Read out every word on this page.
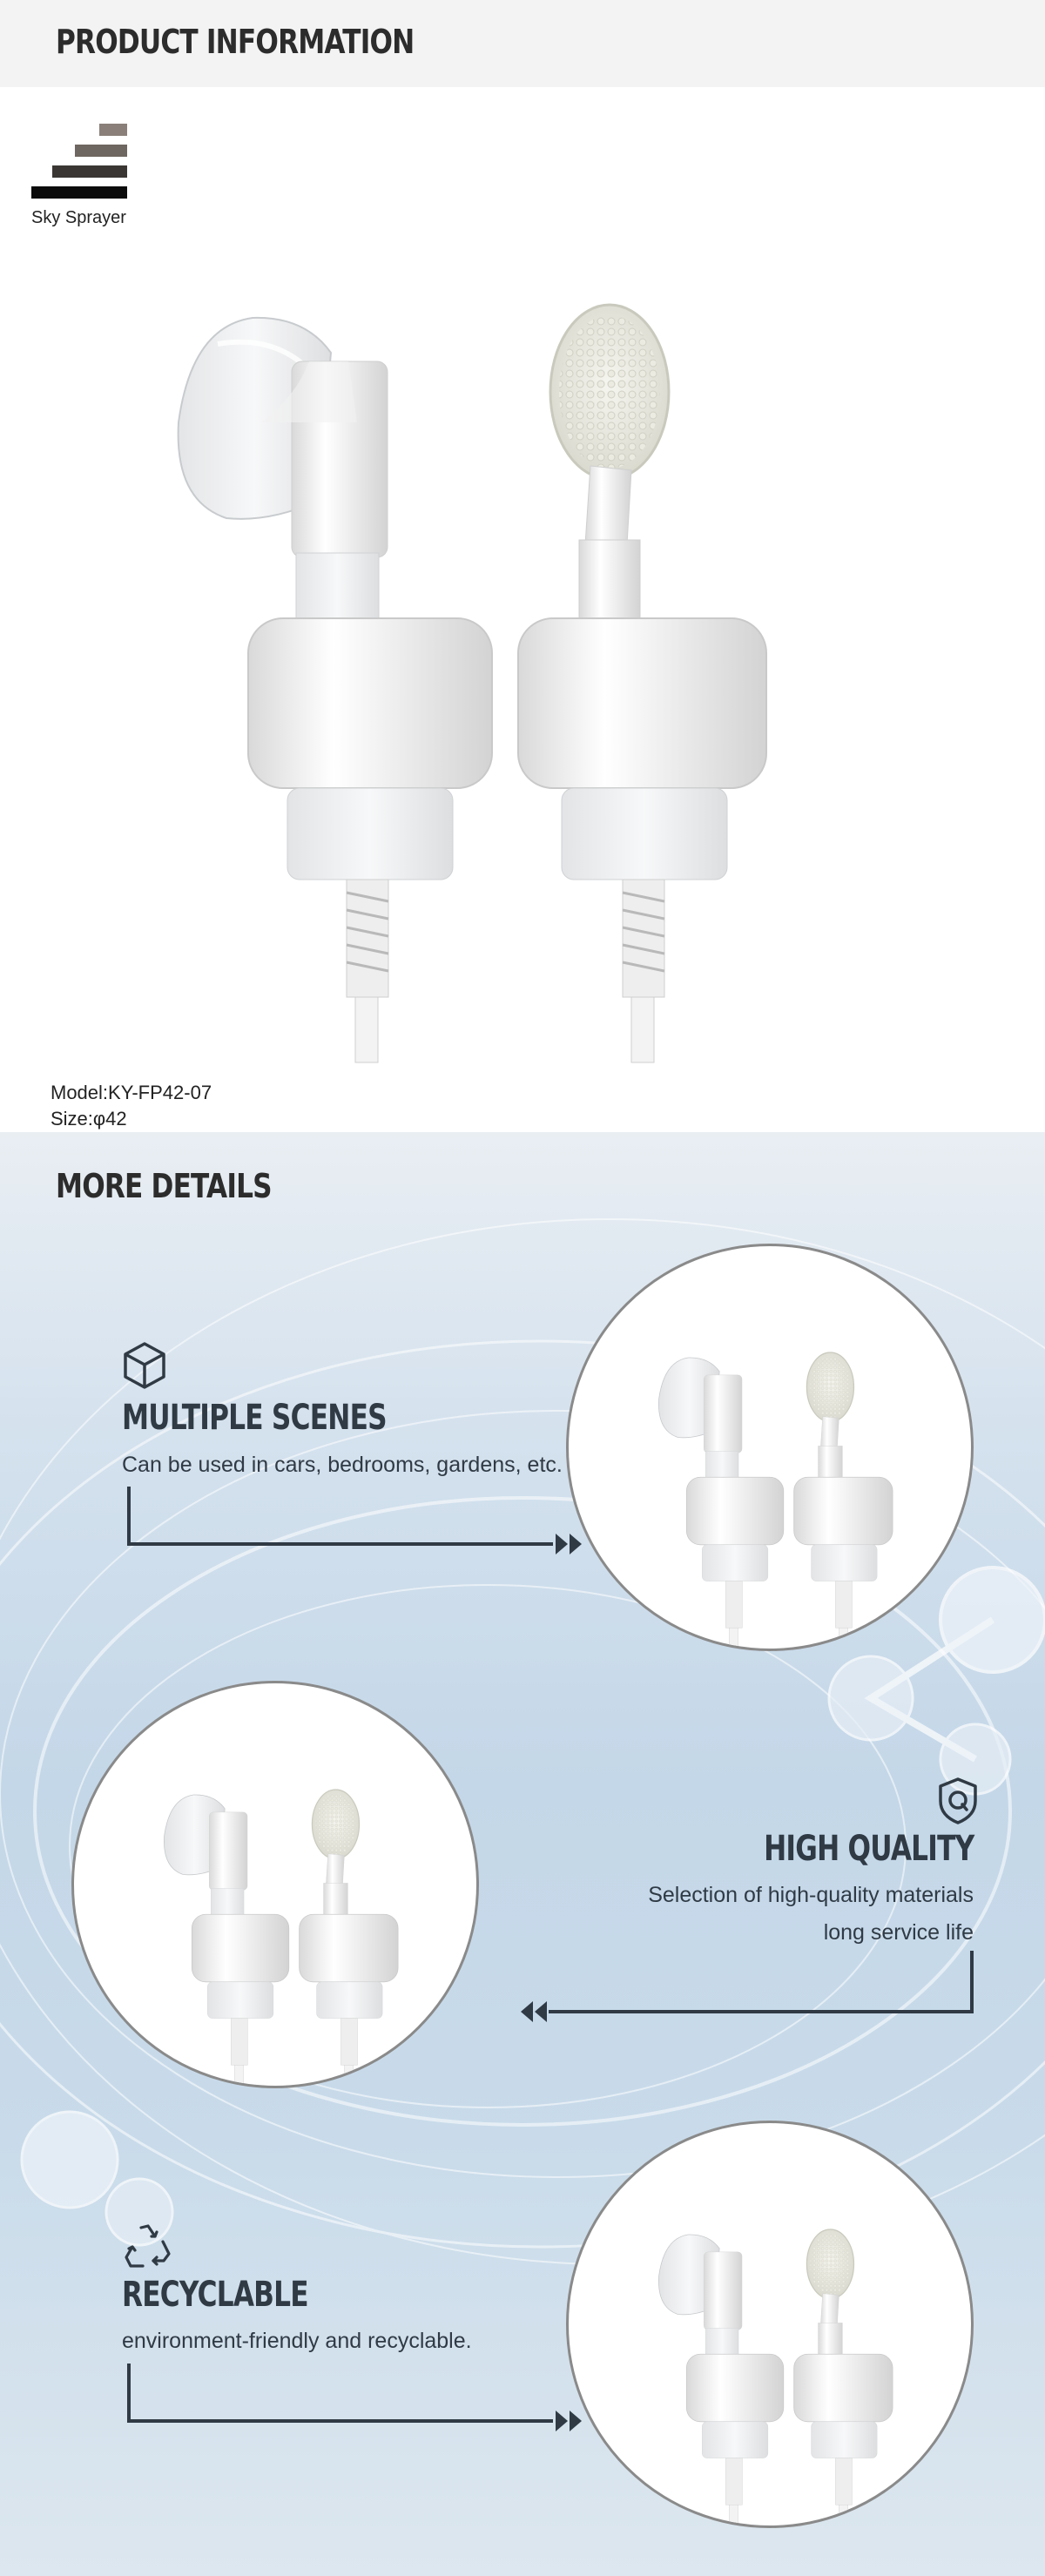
PRODUCT INFORMATION
Sky Sprayer
Model:KY-FP42-07
Size:φ42
MORE DETAILS
MULTIPLE SCENES
Can be used in cars, bedrooms, gardens, etc.
HIGH QUALITY
Selection of high-quality materials
long service life
RECYCLABLE
environment-friendly and recyclable.
